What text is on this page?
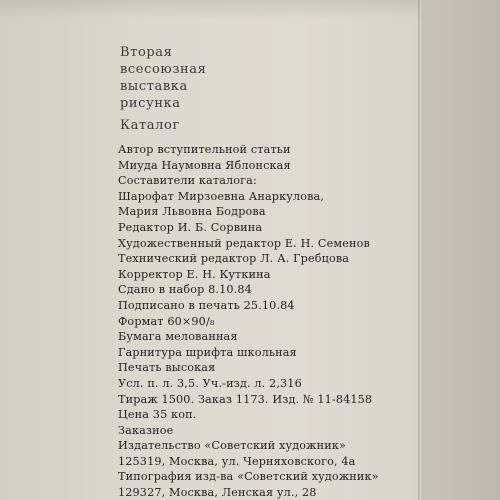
Вторая
всесоюзная
выставка
рисунка
Каталог
Автор вступительной статьи
Миуда Наумовна Яблонская
Составители каталога:
Шарофат Мирзоевна Анаркулова,
Мария Львовна Бодрова
Редактор И. Б. Сорвина
Художественный редактор Е. Н. Семенов
Технический редактор Л. А. Гребцова
Корректор Е. Н. Куткина
Сдано в набор 8.10.84
Подписано в печать 25.10.84
Формат 60×90/₈
Бумага мелованная
Гарнитура шрифта школьная
Печать высокая
Усл. п. л. 3,5. Уч.-изд. л. 2,316
Тираж 1500. Заказ 1173. Изд. № 11-84158
Цена 35 коп.
Заказное
Издательство «Советский художник»
125319, Москва, ул. Черняховского, 4а
Типография изд-ва «Советский художник»
129327, Москва, Ленская ул., 28
